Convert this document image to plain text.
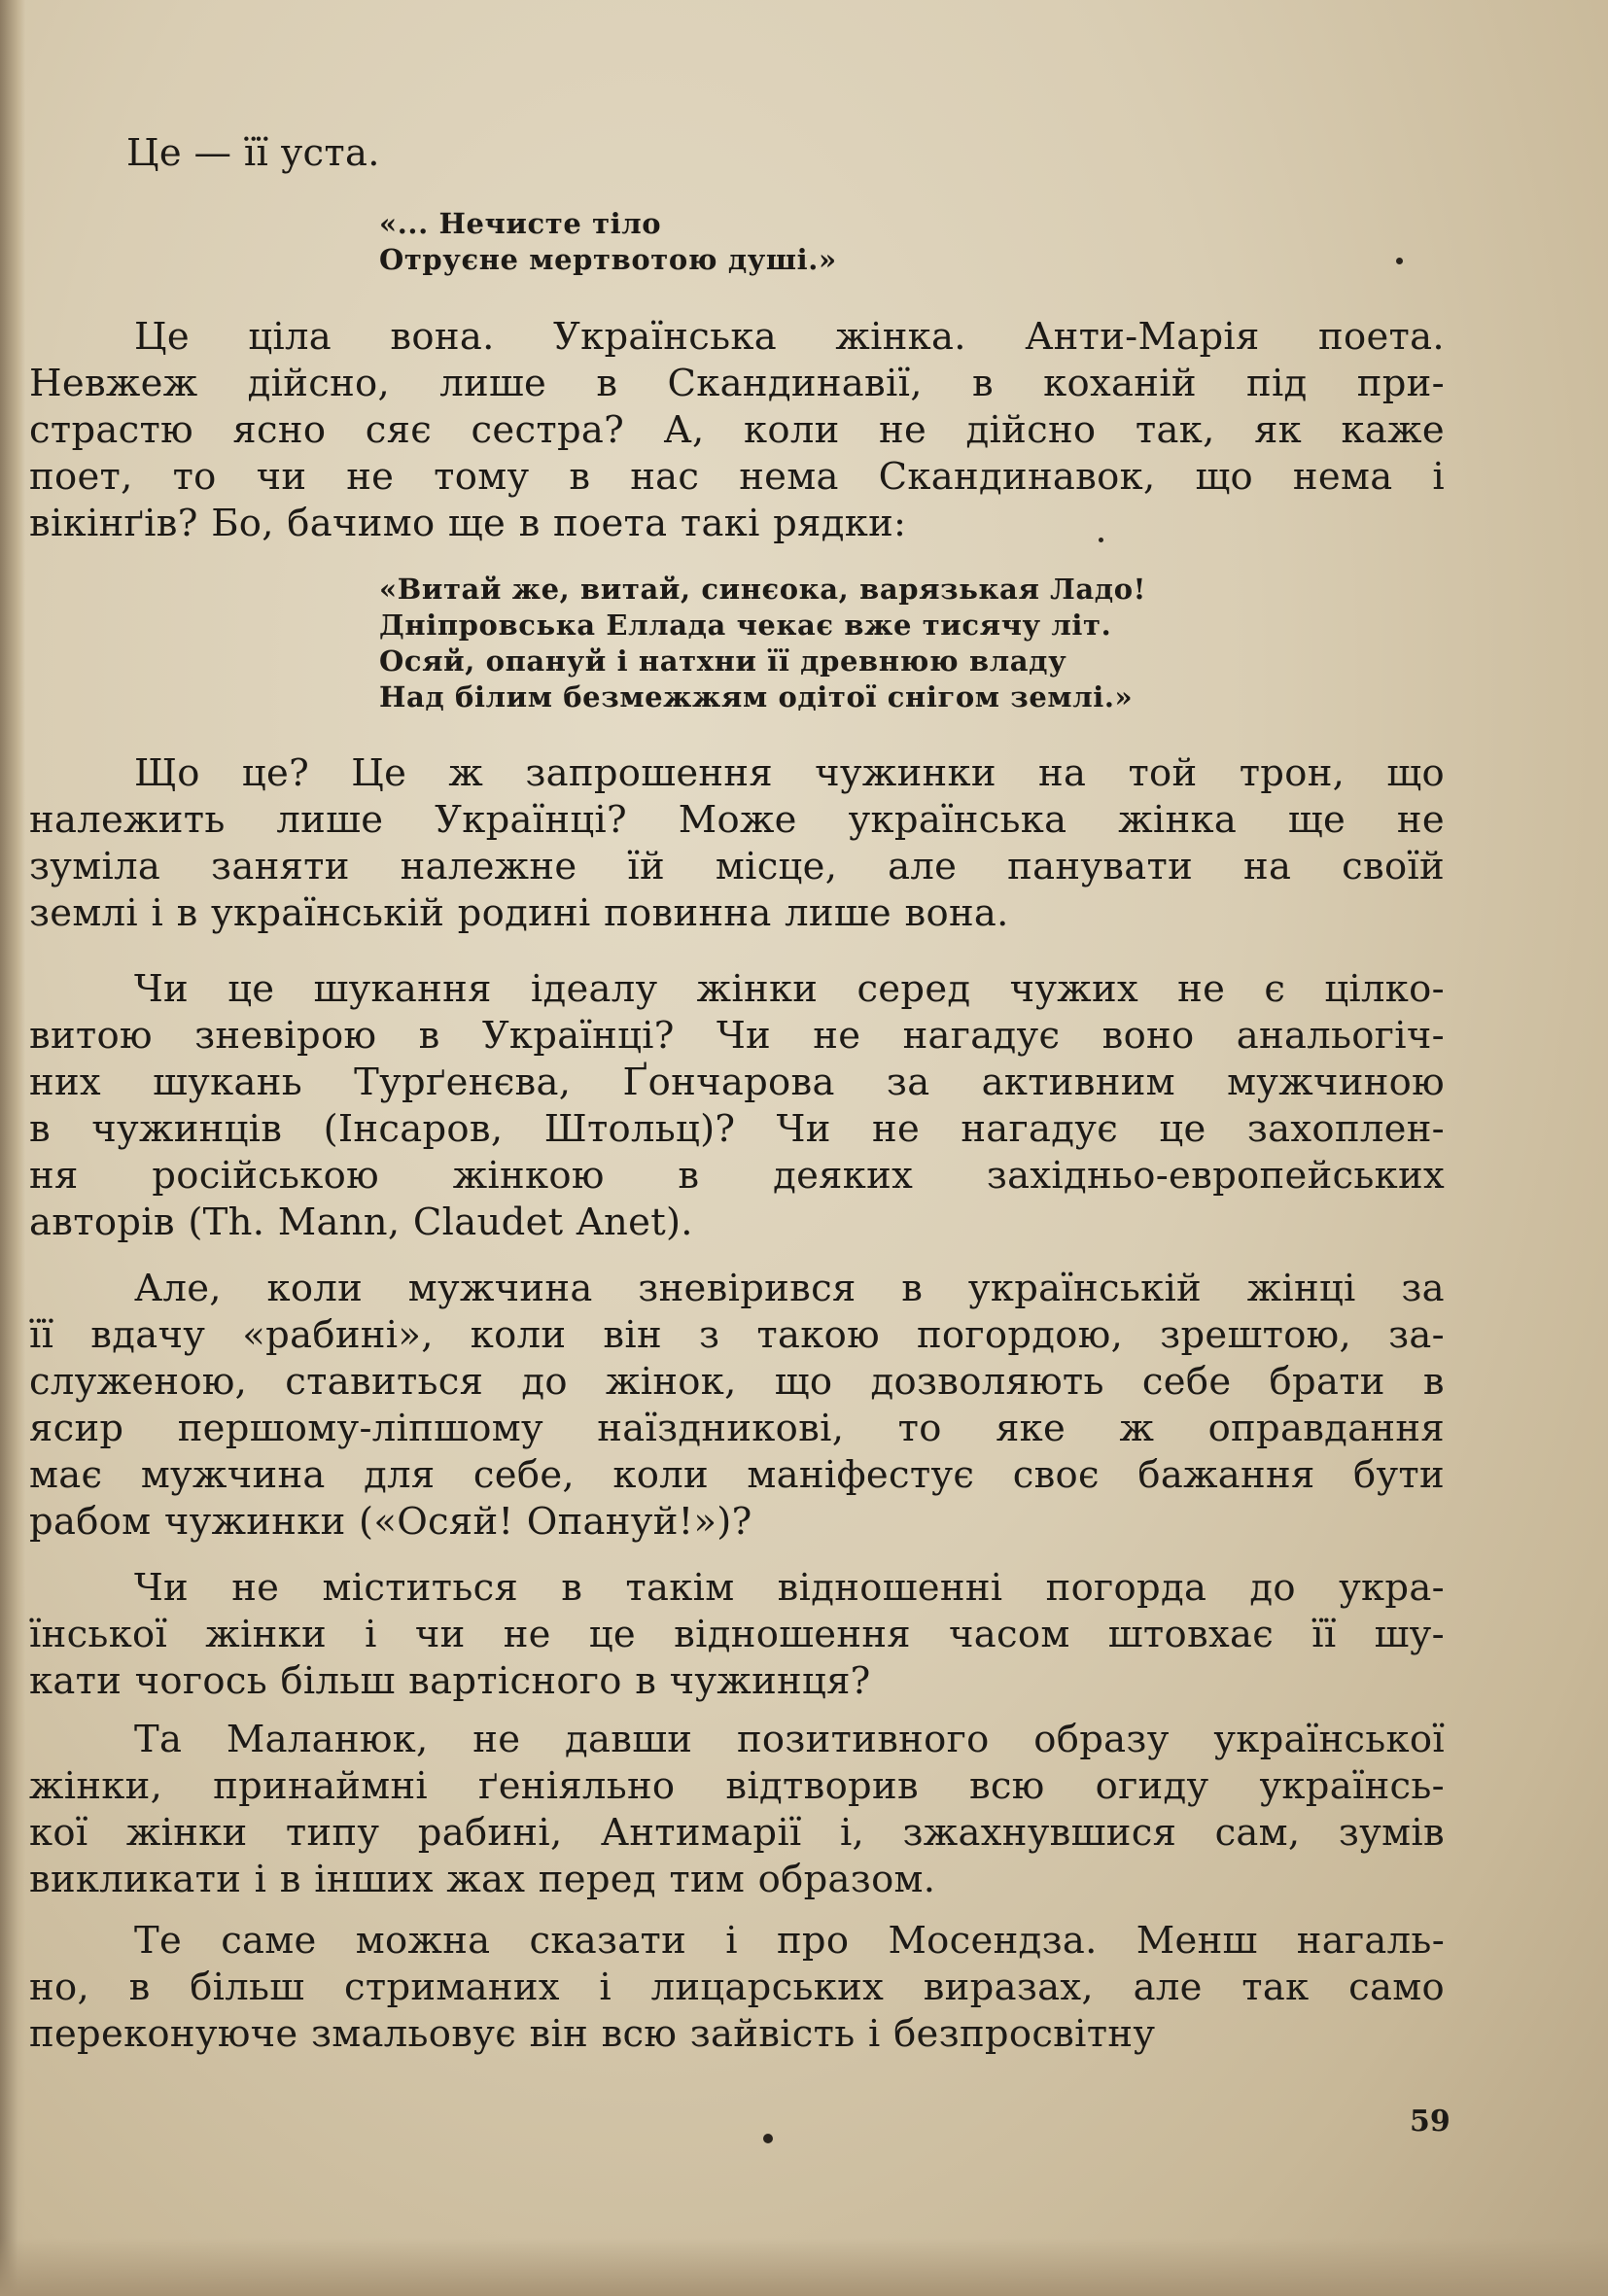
Це — її уста.
«... Нечисте тіло
Отруєне мертвотою душі.»
Це ціла вона. Українська жінка. Анти-Марія поета.
Невжеж дійсно, лише в Скандинавії, в коханій під при-
страстю ясно сяє сестра? А, коли не дійсно так, як каже
поет, то чи не тому в нас нема Скандинавок, що нема і
вікінґів? Бо, бачимо ще в поета такі рядки:
«Витай же, витай, синєока, варязькая Ладо!
Дніпровська Еллада чекає вже тисячу літ.
Осяй, опануй і натхни її древнюю владу
Над білим безмежжям одітої снігом землі.»
Що це? Це ж запрошення чужинки на той трон, що
належить лише Українці? Може українська жінка ще не
зуміла заняти належне їй місце, але панувати на своїй
землі і в українській родині повинна лише вона.
Чи це шукання ідеалу жінки серед чужих не є цілко-
витою зневірою в Українці? Чи не нагадує воно анальогіч-
них шукань Турґенєва, Ґончарова за активним мужчиною
в чужинців (Інсаров, Штольц)? Чи не нагадує це захоплен-
ня російською жінкою в деяких західньо-европейських
авторів (Th. Mann, Claudet Anet).
Але, коли мужчина зневірився в українській жінці за
її вдачу «рабині», коли він з такою погордою, зрештою, за-
служеною, ставиться до жінок, що дозволяють себе брати в
ясир першому-ліпшому наїздникові, то яке ж оправдання
має мужчина для себе, коли маніфестує своє бажання бути
рабом чужинки («Осяй! Опануй!»)?
Чи не міститься в такім відношенні погорда до укра-
їнської жінки і чи не це відношення часом штовхає її шу-
кати чогось більш вартісного в чужинця?
Та Маланюк, не давши позитивного образу української
жінки, принаймні ґеніяльно відтворив всю огиду українсь-
кої жінки типу рабині, Антимарії і, зжахнувшися сам, зумів
викликати і в інших жах перед тим образом.
Те саме можна сказати і про Мосендза. Менш нагаль-
но, в більш стриманих і лицарських виразах, але так само
переконуюче змальовує він всю зайвість і безпросвітну
59
